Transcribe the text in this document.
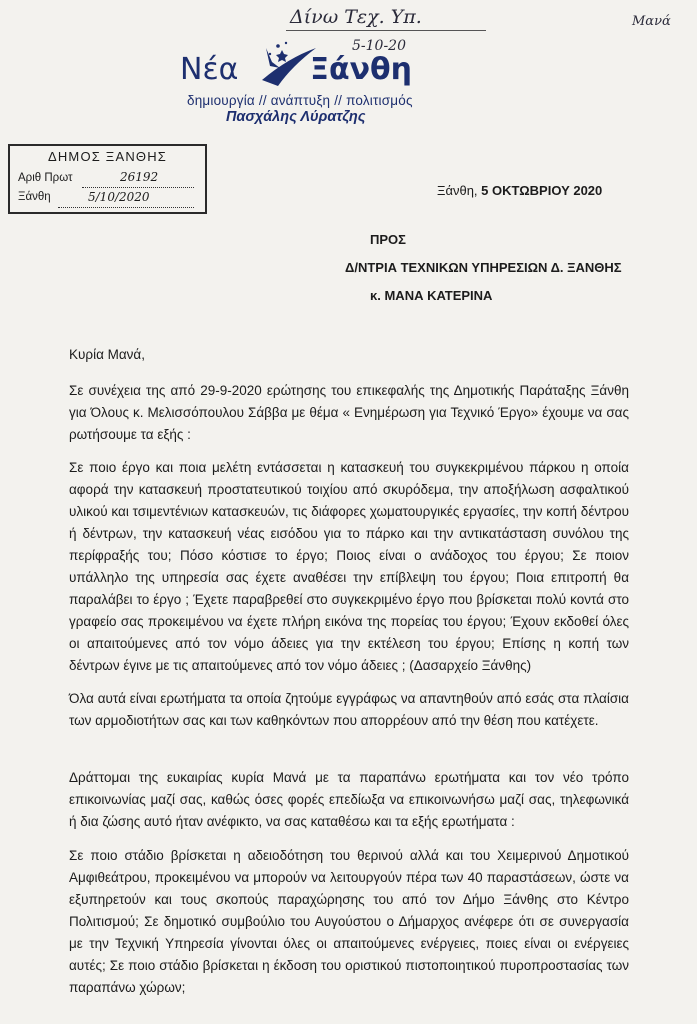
Δίνω Τεχ. Υπ.	Μανά
5-10-20
Νέα Ξάνθη
δημιουργία // ανάπτυξη // πολιτισμός
Πασχάλης Λύρατζης
ΔΗΜΟΣ ΞΑΝΘΗΣ
Αριθ Πρωτ	26192
Ξάνθη	5/10/2020	Ξάνθη, 5 ΟΚΤΩΒΡΙΟΥ 2020
ΠΡΟΣ
Δ/ΝΤΡΙΑ ΤΕΧΝΙΚΩΝ ΥΠΗΡΕΣΙΩΝ Δ. ΞΑΝΘΗΣ
κ. ΜΑΝΑ ΚΑΤΕΡΙΝΑ
Κυρία Μανά,
Σε συνέχεια της από 29-9-2020 ερώτησης του επικεφαλής της Δημοτικής Παράταξης Ξάνθη για Όλους κ. Μελισσόπουλου Σάββα με θέμα « Ενημέρωση για Τεχνικό Έργο» έχουμε να σας ρωτήσουμε τα εξής :
Σε ποιο έργο και ποια μελέτη εντάσσεται η κατασκευή του συγκεκριμένου πάρκου η οποία αφορά την κατασκευή προστατευτικού τοιχίου από σκυρόδεμα, την αποξήλωση ασφαλτικού υλικού και τσιμεντένιων κατασκευών, τις διάφορες χωματουργικές εργασίες, την κοπή δέντρου ή δέντρων, την κατασκευή νέας εισόδου για το πάρκο και την αντικατάσταση συνόλου της περίφραξής του; Πόσο κόστισε το έργο; Ποιος είναι ο ανάδοχος του έργου; Σε ποιον υπάλληλο της υπηρεσία σας έχετε αναθέσει την επίβλεψη του έργου; Ποια επιτροπή θα παραλάβει το έργο ; Έχετε παραβρεθεί στο συγκεκριμένο έργο που βρίσκεται πολύ κοντά στο γραφείο σας προκειμένου να έχετε πλήρη εικόνα της πορείας του έργου; Έχουν εκδοθεί όλες οι απαιτούμενες από τον νόμο άδειες για την εκτέλεση του έργου; Επίσης η κοπή των δέντρων έγινε με τις απαιτούμενες από τον νόμο άδειες ; (Δασαρχείο Ξάνθης)
Όλα αυτά είναι ερωτήματα τα οποία ζητούμε εγγράφως να απαντηθούν από εσάς στα πλαίσια των αρμοδιοτήτων σας και των καθηκόντων που απορρέουν από την θέση που κατέχετε.
Δράττομαι της ευκαιρίας κυρία Μανά με τα παραπάνω ερωτήματα και τον νέο τρόπο επικοινωνίας μαζί σας, καθώς όσες φορές επεδίωξα να επικοινωνήσω μαζί σας, τηλεφωνικά ή δια ζώσης αυτό ήταν ανέφικτο, να σας καταθέσω και τα εξής ερωτήματα :
Σε ποιο στάδιο βρίσκεται η αδειοδότηση του θερινού αλλά και του Χειμερινού Δημοτικού Αμφιθεάτρου, προκειμένου να μπορούν να λειτουργούν πέρα των 40 παραστάσεων, ώστε να εξυπηρετούν και τους σκοπούς παραχώρησης του από τον Δήμο Ξάνθης στο Κέντρο Πολιτισμού; Σε δημοτικό συμβούλιο του Αυγούστου ο Δήμαρχος ανέφερε ότι σε συνεργασία με την Τεχνική Υπηρεσία γίνονται όλες οι απαιτούμενες ενέργειες, ποιες είναι οι ενέργειες αυτές; Σε ποιο στάδιο βρίσκεται η έκδοση του οριστικού πιστοποιητικού πυροπροστασίας των παραπάνω χώρων;
